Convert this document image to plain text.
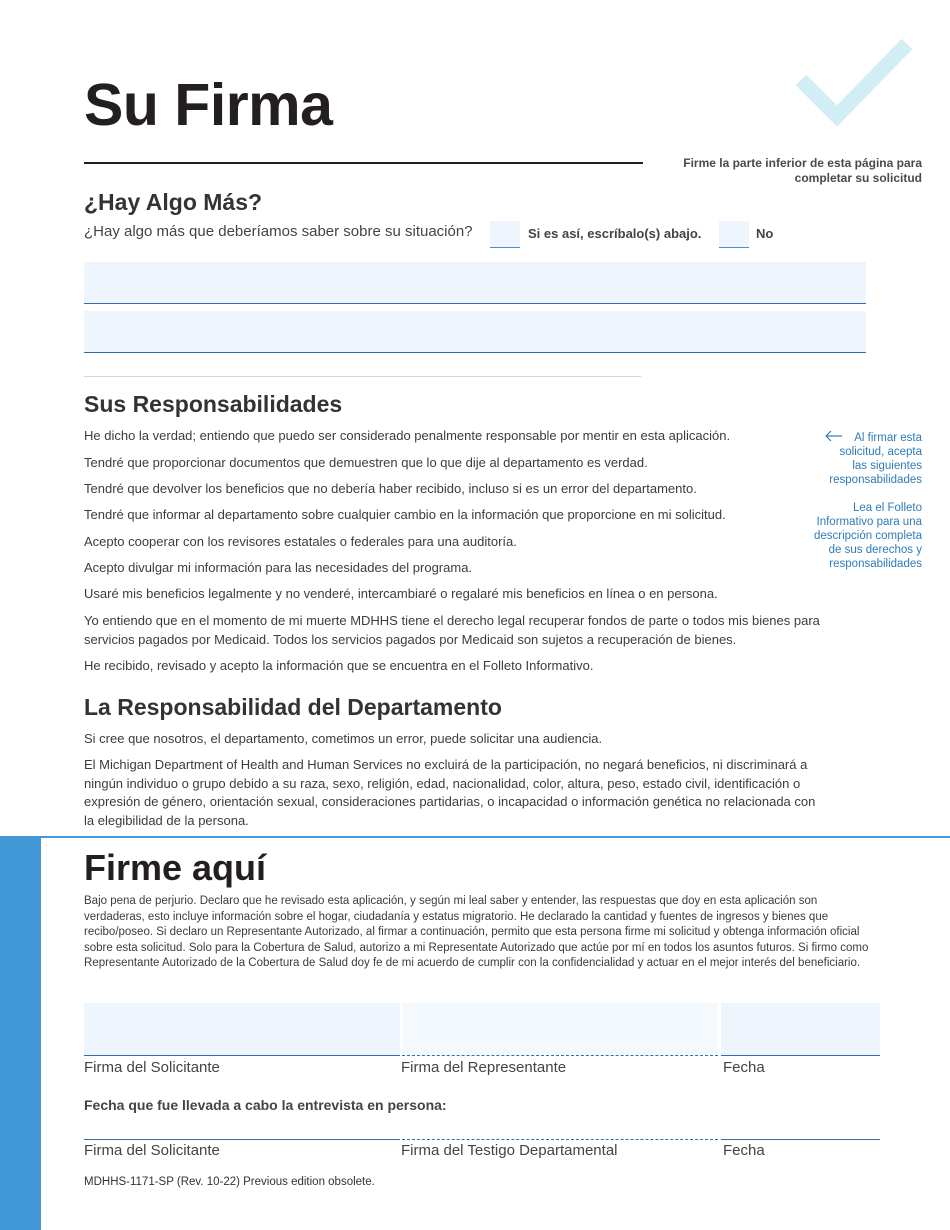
Su Firma
Firme la parte inferior de esta página para completar su solicitud
¿Hay Algo Más?
¿Hay algo más que deberíamos saber sobre su situación?	Si es así, escríbalo(s) abajo.	No
Sus Responsabilidades
He dicho la verdad; entiendo que puedo ser considerado penalmente responsable por mentir en esta aplicación.
Tendré que proporcionar documentos que demuestren que lo que dije al departamento es verdad.
Tendré que devolver los beneficios que no debería haber recibido, incluso si es un error del departamento.
Tendré que informar al departamento sobre cualquier cambio en la información que proporcione en mi solicitud.
Acepto cooperar con los revisores estatales o federales para una auditoría.
Acepto divulgar mi información para las necesidades del programa.
Usaré mis beneficios legalmente y no venderé, intercambiaré o regalaré mis beneficios en línea o en persona.
Yo entiendo que en el momento de mi muerte MDHHS tiene el derecho legal recuperar fondos de parte o todos mis bienes para servicios pagados por Medicaid. Todos los servicios pagados por Medicaid son sujetos a recuperación de bienes.
He recibido, revisado y acepto la información que se encuentra en el Folleto Informativo.
Al firmar esta solicitud, acepta las siguientes responsabilidades
Lea el Folleto Informativo para una descripción completa de sus derechos y responsabilidades
La Responsabilidad del Departamento
Si cree que nosotros, el departamento, cometimos un error, puede solicitar una audiencia.
El Michigan Department of Health and Human Services no excluirá de la participación, no negará beneficios, ni discriminará a ningún individuo o grupo debido a su raza, sexo, religión, edad, nacionalidad, color, altura, peso, estado civil, identificación o expresión de género, orientación sexual, consideraciones partidarias, o incapacidad o información genética no relacionada con la elegibilidad de la persona.
Firme aquí
Bajo pena de perjurio. Declaro que he revisado esta aplicación, y según mi leal saber y entender, las respuestas que doy en esta aplicación son verdaderas, esto incluye información sobre el hogar, ciudadanía y estatus migratorio. He declarado la cantidad y fuentes de ingresos y bienes que recibo/poseo. Si declaro un Representante Autorizado, al firmar a continuación, permito que esta persona firme mi solicitud y obtenga información oficial sobre esta solicitud. Solo para la Cobertura de Salud, autorizo a mi Representate Autorizado que actúe por mí en todos los asuntos futuros. Si firmo como Representante Autorizado de la Cobertura de Salud doy fe de mi acuerdo de cumplir con la confidencialidad y actuar en el mejor interés del beneficiario.
Firma del Solicitante	Firma del Representante	Fecha
Fecha que fue llevada a cabo la entrevista en persona:
Firma del Solicitante	Firma del Testigo Departamental	Fecha
MDHHS-1171-SP (Rev. 10-22) Previous edition obsolete.
